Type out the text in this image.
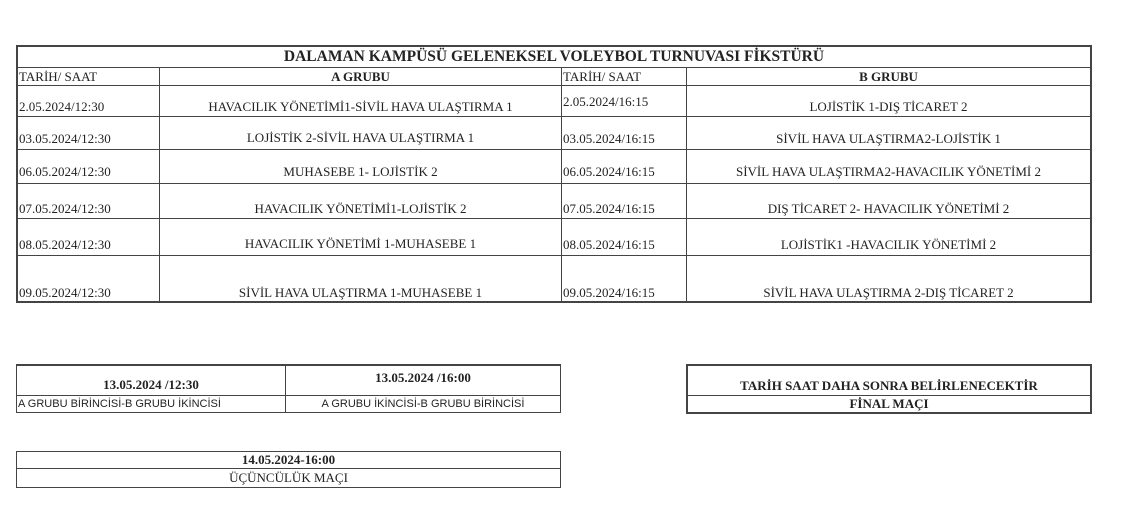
DALAMAN KAMPÜSÜ GELENEKSEL VOLEYBOL TURNUVASI FİKSTÜRÜ
TARİH/ SAAT	A GRUBU	TARİH/ SAAT	B GRUBU
2.05.2024/12:30	HAVACILIK YÖNETİMİ1-SİVİL HAVA ULAŞTIRMA 1	2.05.2024/16:15	LOJİSTİK 1-DIŞ TİCARET 2
03.05.2024/12:30	LOJİSTİK 2-SİVİL HAVA ULAŞTIRMA 1	03.05.2024/16:15	SİVİL HAVA ULAŞTIRMA2-LOJİSTİK 1
06.05.2024/12:30	MUHASEBE 1- LOJİSTİK 2	06.05.2024/16:15	SİVİL HAVA ULAŞTIRMA2-HAVACILIK YÖNETİMİ 2
07.05.2024/12:30	HAVACILIK YÖNETİMİ1-LOJİSTİK 2	07.05.2024/16:15	DIŞ TİCARET 2- HAVACILIK YÖNETİMİ 2
08.05.2024/12:30	HAVACILIK YÖNETİMİ 1-MUHASEBE 1	08.05.2024/16:15	LOJİSTİK1 -HAVACILIK YÖNETİMİ 2
09.05.2024/12:30	SİVİL HAVA ULAŞTIRMA 1-MUHASEBE 1	09.05.2024/16:15	SİVİL HAVA ULAŞTIRMA 2-DIŞ TİCARET 2
13.05.2024 /12:30	13.05.2024 /16:00
A GRUBU BİRİNCİSİ-B GRUBU İKİNCİSİ	A GRUBU İKİNCİSİ-B GRUBU BİRİNCİSİ
TARİH SAAT DAHA SONRA BELİRLENECEKTİR
FİNAL MAÇI
14.05.2024-16:00
ÜÇÜNCÜLÜK MAÇI
